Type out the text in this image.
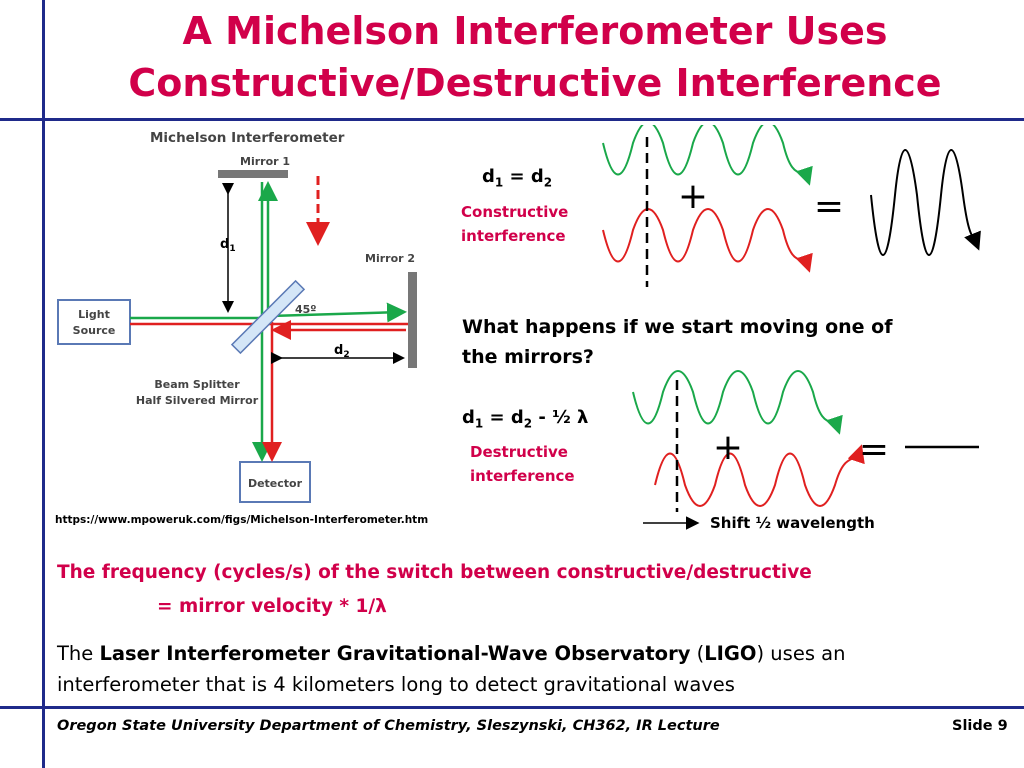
A Michelson Interferometer Uses
Constructive/Destructive Interference
Michelson Interferometer
Mirror 1
Mirror 2
Light
Source
Detector
45º
$d_1$
$d_2$
Beam Splitter
Half Silvered Mirror
https://www.mpoweruk.com/figs/Michelson-Interferometer.htm
$d_1 = d_2$
Constructive
interference
+	=
What happens if we start moving one of
the mirrors?
$d_1 = d_2$ - ½ λ
Destructive
interference
+	=
Shift ½ wavelength
The frequency (cycles/s) of the switch between constructive/destructive
= mirror velocity * 1/λ
The Laser Interferometer Gravitational-Wave Observatory (LIGO) uses an
interferometer that is 4 kilometers long to detect gravitational waves
Oregon State University Department of Chemistry, Sleszynski, CH362, IR Lecture	Slide 9
